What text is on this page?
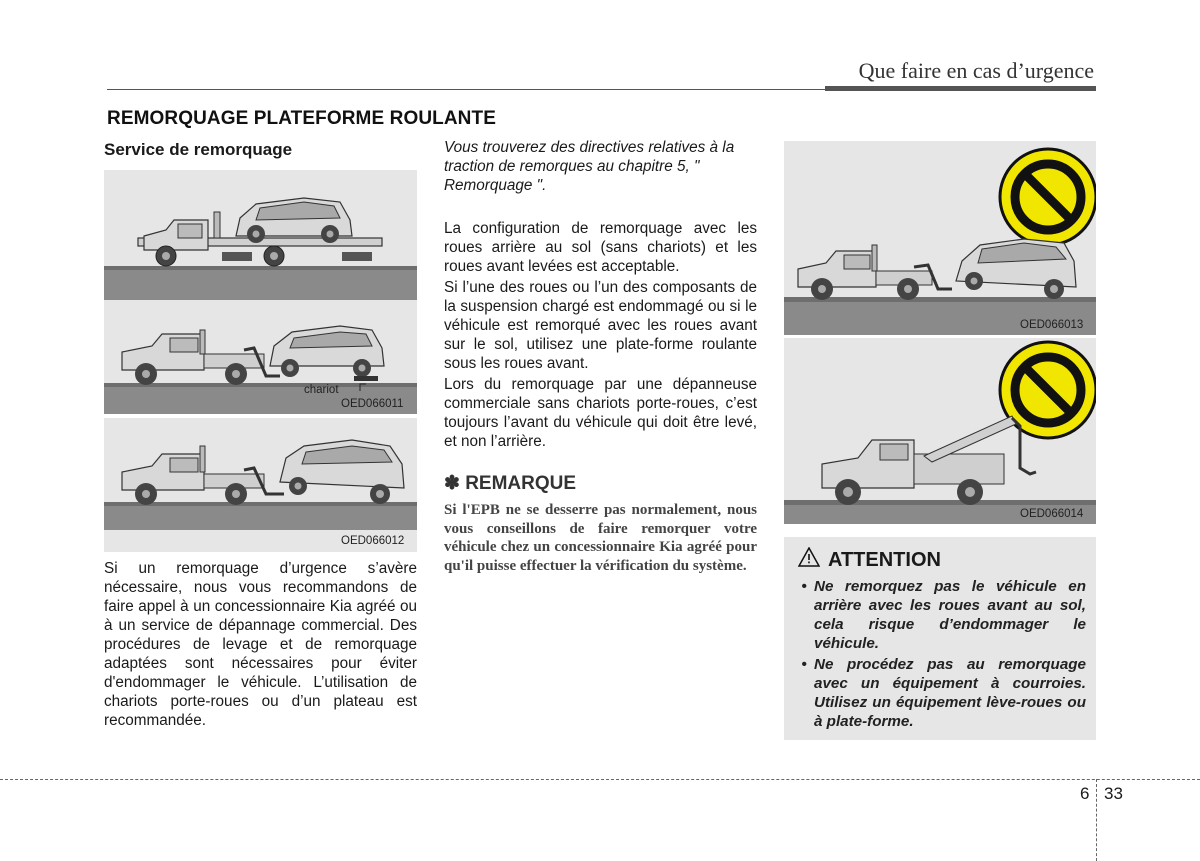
Que faire en cas d’urgence
REMORQUAGE PLATEFORME ROULANTE
Service de remorquage
chariot
OED066011
OED066012

Si un remorquage d’urgence s’avère nécessaire, nous vous recommandons de faire appel à un concessionnaire Kia agréé ou à un service de dépannage commercial. Des procédures de levage et de remorquage adaptées sont nécessaires pour éviter d'endommager le véhicule. L’utilisation de chariots porte-roues ou d’un plateau est recommandée.

Vous trouverez des directives relatives à la traction de remorques au chapitre 5, " Remorquage ".

La configuration de remorquage avec les roues arrière au sol (sans chariots) et les roues avant levées est acceptable.

Si l’une des roues ou l’un des composants de la suspension chargé est endommagé ou si le véhicule est remorqué avec les roues avant sur le sol, utilisez une plate-forme roulante sous les roues avant.

Lors du remorquage par une dépanneuse commerciale sans chariots porte-roues, c’est toujours l’avant du véhicule qui doit être levé, et non l’arrière.

✽ REMARQUE

Si l'EPB ne se desserre pas normalement, nous vous conseillons de faire remorquer votre véhicule chez un concessionnaire Kia agréé pour qu'il puisse effectuer la vérification du système.

OED066013
OED066014
ATTENTION
• Ne remorquez pas le véhicule en arrière avec les roues avant au sol, cela risque d’endommager le véhicule.
• Ne procédez pas au remorquage avec un équipement à courroies. Utilisez un équipement lève-roues ou à plate-forme.
6 33
